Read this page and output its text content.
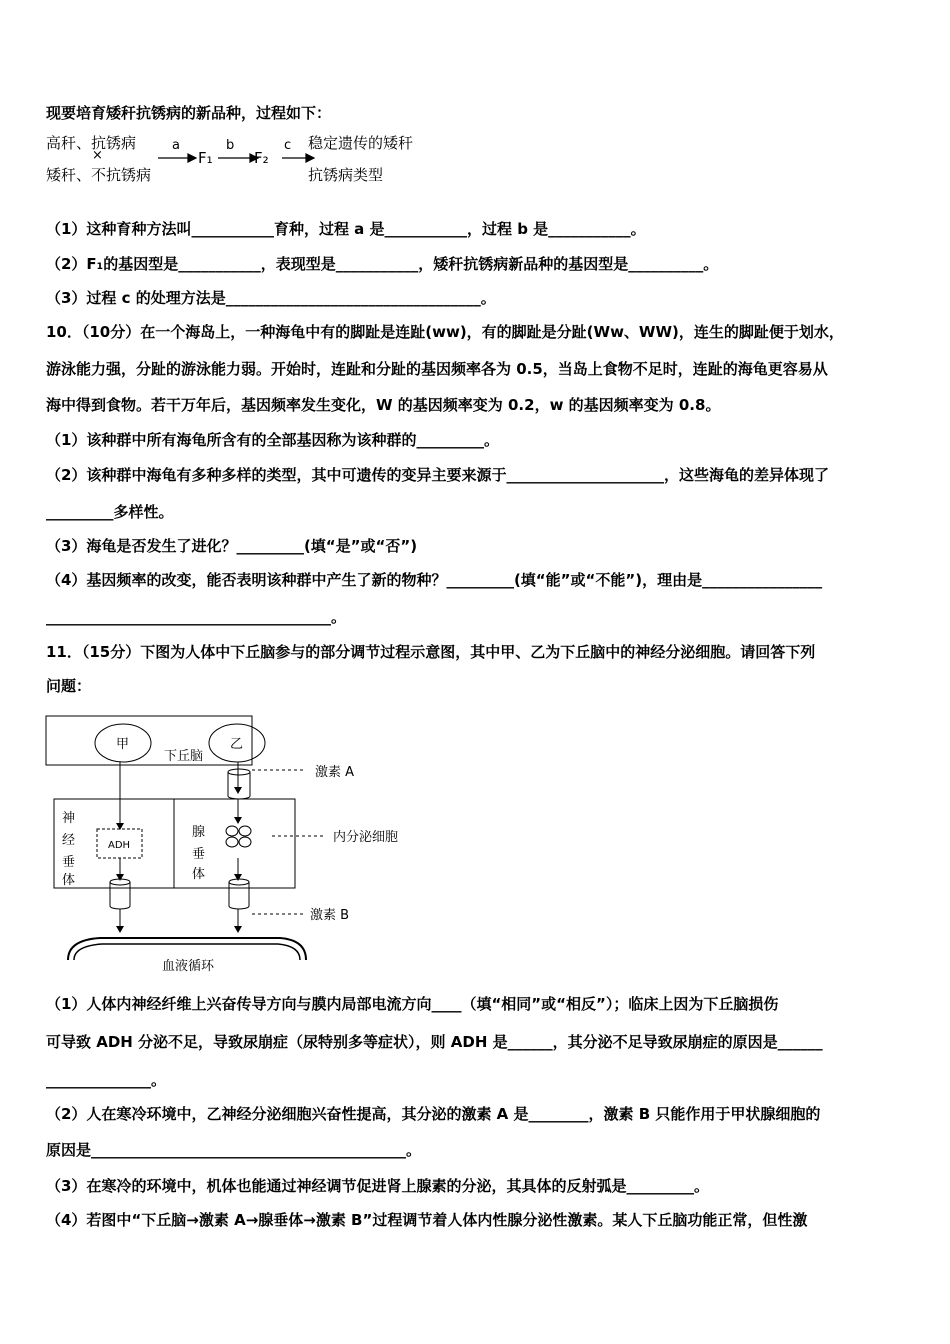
现要培育矮秆抗锈病的新品种，过程如下：
高秆、抗锈病
×
矮秆、不抗锈病
a
F₁
b
F₂
c 稳定遗传的矮秆
抗锈病类型
（1）这种育种方法叫___________育种，过程 a 是___________，过程 b 是___________。
（2）F₁的基因型是___________，表现型是___________，矮秆抗锈病新品种的基因型是__________。
（3）过程 c 的处理方法是__________________________________。
10．（10分）在一个海岛上，一种海龟中有的脚趾是连趾(ww)，有的脚趾是分趾(Ww、WW)，连生的脚趾便于划水，
游泳能力强，分趾的游泳能力弱。开始时，连趾和分趾的基因频率各为 0.5，当岛上食物不足时，连趾的海龟更容易从
海中得到食物。若干万年后，基因频率发生变化，W 的基因频率变为 0.2，w 的基因频率变为 0.8。
（1）该种群中所有海龟所含有的全部基因称为该种群的_________。
（2）该种群中海龟有多种多样的类型，其中可遗传的变异主要来源于_____________________，这些海龟的差异体现了
_________多样性。
（3）海龟是否发生了进化？_________(填“是”或“否”)
（4）基因频率的改变，能否表明该种群中产生了新的物种？_________(填“能”或“不能”)，理由是________________
______________________________________。
11．（15分）下图为人体中下丘脑参与的部分调节过程示意图，其中甲、乙为下丘脑中的神经分泌细胞。请回答下列
问题：
甲	乙
下丘脑
激素 A
神
经
垂
体
ADH
腺
垂
体
内分泌细胞
激素 B
血液循环
（1）人体内神经纤维上兴奋传导方向与膜内局部电流方向____（填“相同”或“相反”）；临床上因为下丘脑损伤
可导致 ADH 分泌不足，导致尿崩症（尿特别多等症状），则 ADH 是______，其分泌不足导致尿崩症的原因是______
______________。
（2）人在寒冷环境中，乙神经分泌细胞兴奋性提高，其分泌的激素 A 是________，激素 B 只能作用于甲状腺细胞的
原因是__________________________________________。
（3）在寒冷的环境中，机体也能通过神经调节促进肾上腺素的分泌，其具体的反射弧是_________。
（4）若图中“下丘脑→激素 A→腺垂体→激素 B”过程调节着人体内性腺分泌性激素。某人下丘脑功能正常，但性激
